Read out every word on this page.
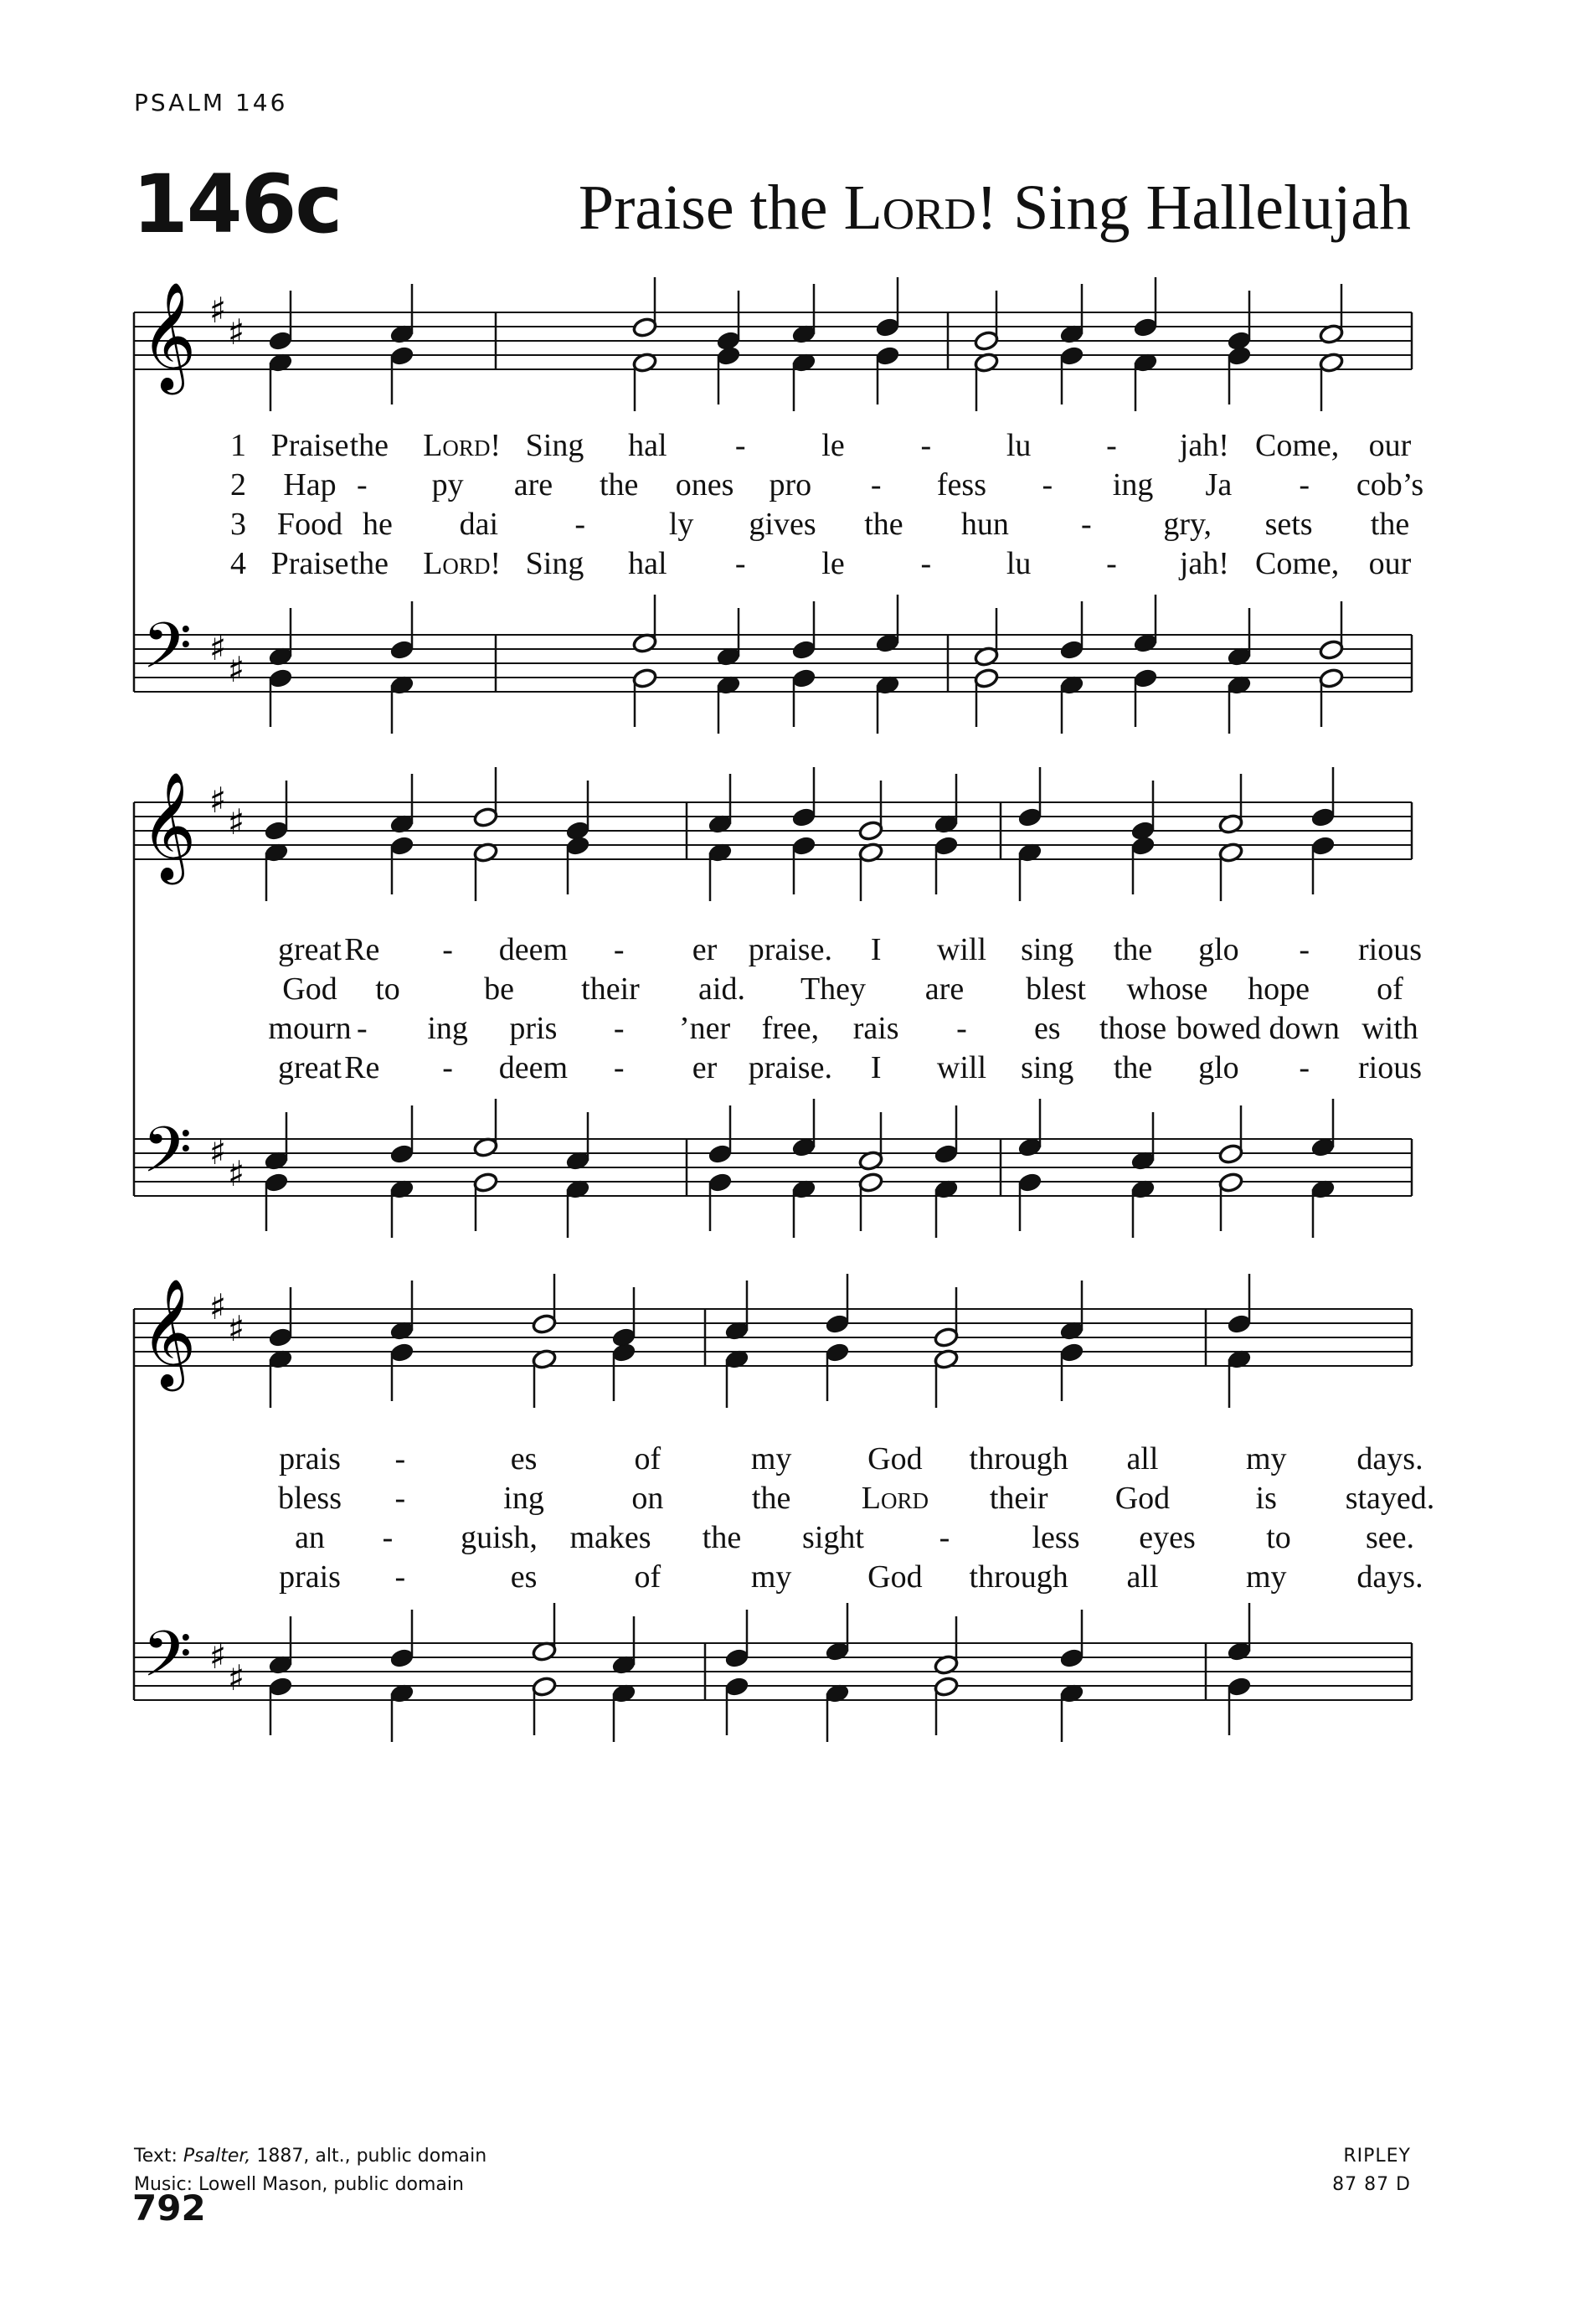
PSALM 146
146c	Praise the Lord! Sing Hallelujah
𝄞
𝄢
♯
♯
♯
♯
𝄞
𝄢
♯
♯
♯
♯
𝄞
𝄢
♯
♯
♯
♯
1 Praise the Lord! Sing hal - le - lu - jah! Come, our
2 Hap - py are the ones pro - fess - ing Ja - cob’s
3 Food he dai -	ly gives the hun - gry, sets the
4 Praise the Lord! Sing hal - le - lu - jah! Come, our
great Re - deem - er praise. I will sing the glo - rious
God to	be their aid. They are blest whose hope of
mourn - ing pris - ’ner free, rais - es those bowed down with
great Re - deem - er praise. I will sing the glo - rious
prais -	es	of	my God through all	my days.
bless -	ing	on	the Lord their God	is stayed.
an - guish, makes the sight -	less eyes to see.
prais -	es	of	my God through all	my days.
Text: Psalter, 1887, alt., public domain
Music: Lowell Mason, public domain
RIPLEY
87 87 D
792
